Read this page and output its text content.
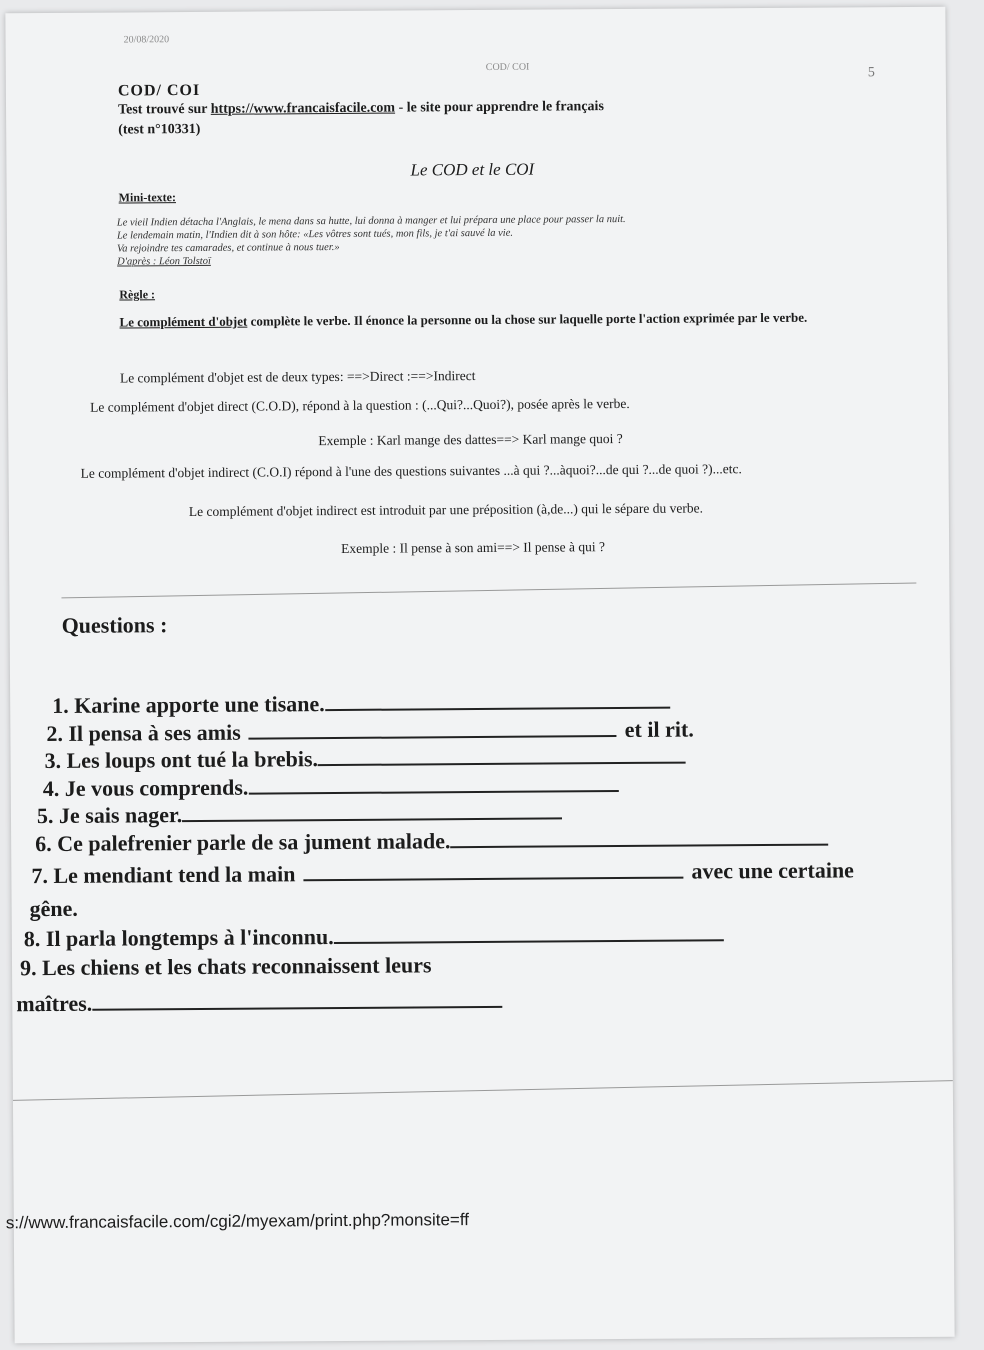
20/08/2020
COD/ COI	5
COD/ COI
Test trouvé sur https://www.francaisfacile.com - le site pour apprendre le français
(test n°10331)
Le COD et le COI
Mini-texte:
Le vieil Indien détacha l'Anglais, le mena dans sa hutte, lui donna à manger et lui prépara une place pour passer la nuit.
Le lendemain matin, l'Indien dit à son hôte: «Les vôtres sont tués, mon fils, je t'ai sauvé la vie.
Va rejoindre tes camarades, et continue à nous tuer.»
D'après : Léon Tolstoï
Règle :
Le complément d'objet complète le verbe. Il énonce la personne ou la chose sur laquelle porte l'action exprimée par le verbe.
Le complément d'objet est de deux types: ==>Direct :==>Indirect
Le complément d'objet direct (C.O.D), répond à la question : (...Qui?...Quoi?), posée après le verbe.
Exemple : Karl mange des dattes==> Karl mange quoi ?
Le complément d'objet indirect (C.O.I) répond à l'une des questions suivantes ...à qui ?...àquoi?...de qui ?...de quoi ?)...etc.
Le complément d'objet indirect est introduit par une préposition (à,de...) qui le sépare du verbe.
Exemple : Il pense à son ami==> Il pense à qui ?
Questions :
1. Karine apporte une tisane.
2. Il pensa à ses amis	et il rit.
3. Les loups ont tué la brebis.
4. Je vous comprends.
5. Je sais nager.
6. Ce palefrenier parle de sa jument malade.
7. Le mendiant tend la main	avec une certaine
gêne.
8. Il parla longtemps à l'inconnu.
9. Les chiens et les chats reconnaissent leurs
maîtres.
s://www.francaisfacile.com/cgi2/myexam/print.php?monsite=ff
